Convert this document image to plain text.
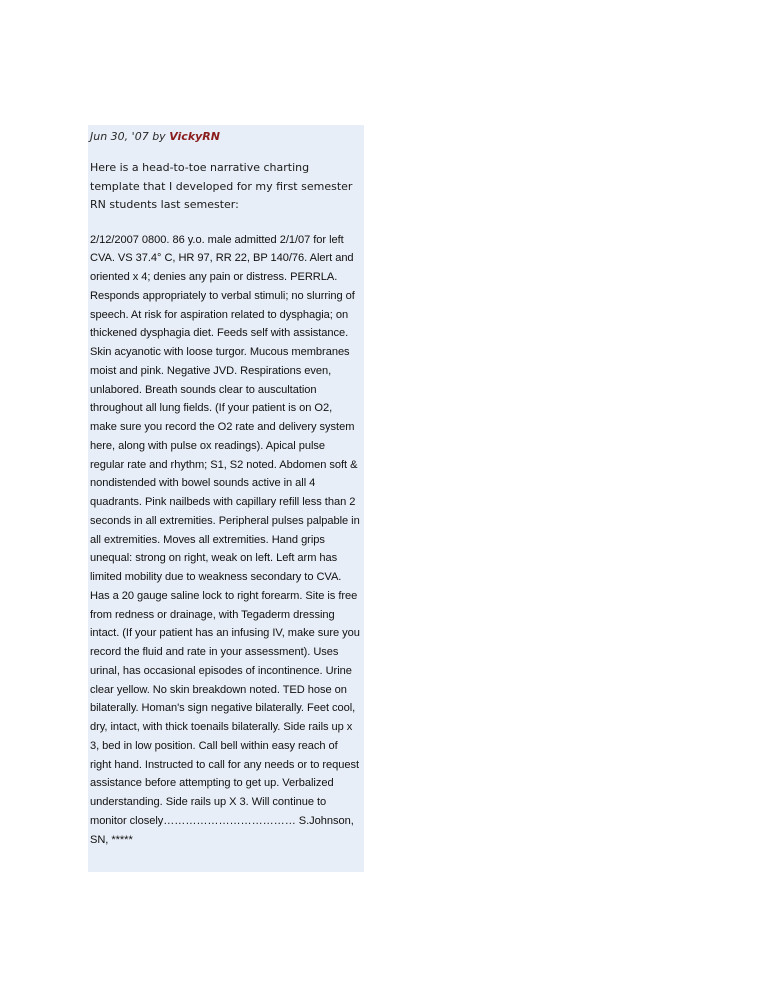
Jun 30, '07 by VickyRN

Here is a head-to-toe narrative charting template that I developed for my first semester RN students last semester:

2/12/2007 0800. 86 y.o. male admitted 2/1/07 for left CVA. VS 37.4° C, HR 97, RR 22, BP 140/76. Alert and oriented x 4; denies any pain or distress. PERRLA. Responds appropriately to verbal stimuli; no slurring of speech. At risk for aspiration related to dysphagia; on thickened dysphagia diet. Feeds self with assistance. Skin acyanotic with loose turgor. Mucous membranes moist and pink. Negative JVD. Respirations even, unlabored. Breath sounds clear to auscultation throughout all lung fields. (If your patient is on O2, make sure you record the O2 rate and delivery system here, along with pulse ox readings). Apical pulse regular rate and rhythm; S1, S2 noted. Abdomen soft & nondistended with bowel sounds active in all 4 quadrants. Pink nailbeds with capillary refill less than 2 seconds in all extremities. Peripheral pulses palpable in all extremities. Moves all extremities. Hand grips unequal: strong on right, weak on left. Left arm has limited mobility due to weakness secondary to CVA. Has a 20 gauge saline lock to right forearm. Site is free from redness or drainage, with Tegaderm dressing intact. (If your patient has an infusing IV, make sure you record the fluid and rate in your assessment). Uses urinal, has occasional episodes of incontinence. Urine clear yellow. No skin breakdown noted. TED hose on bilaterally. Homan's sign negative bilaterally. Feet cool, dry, intact, with thick toenails bilaterally. Side rails up x 3, bed in low position. Call bell within easy reach of right hand. Instructed to call for any needs or to request assistance before attempting to get up. Verbalized understanding. Side rails up X 3. Will continue to monitor closely……………………………… S.Johnson, SN, *****
